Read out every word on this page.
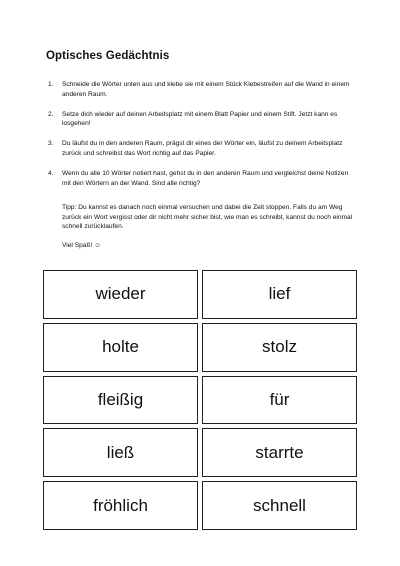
Optisches Gedächtnis
1. Schneide die Wörter unten aus und klebe sie mit einem Stück Klebestreifen auf die Wand in einem anderen Raum.
2. Setze dich wieder auf deinen Arbeitsplatz mit einem Blatt Papier und einem Stift. Jetzt kann es losgehen!
3. Du läufst du in den anderen Raum, prägst dir eines der Wörter ein, läufst zu deinem Arbeitsplatz zurück und schreibst das Wort richtig auf das Papier.
4. Wenn du alle 10 Wörter notiert hast, gehst du in den anderen Raum und vergleichst deine Notizen mit den Wörtern an der Wand. Sind alle richtig?
Tipp: Du kannst es danach noch einmal versuchen und dabei die Zeit stoppen. Falls du am Weg zurück ein Wort vergisst oder dir nicht mehr sicher bist, wie man es schreibt, kannst du noch einmal schnell zurücklaufen.
Viel Spaß! ☺
wieder	lief
holte	stolz
fleißig	für
ließ	starrte
fröhlich	schnell
